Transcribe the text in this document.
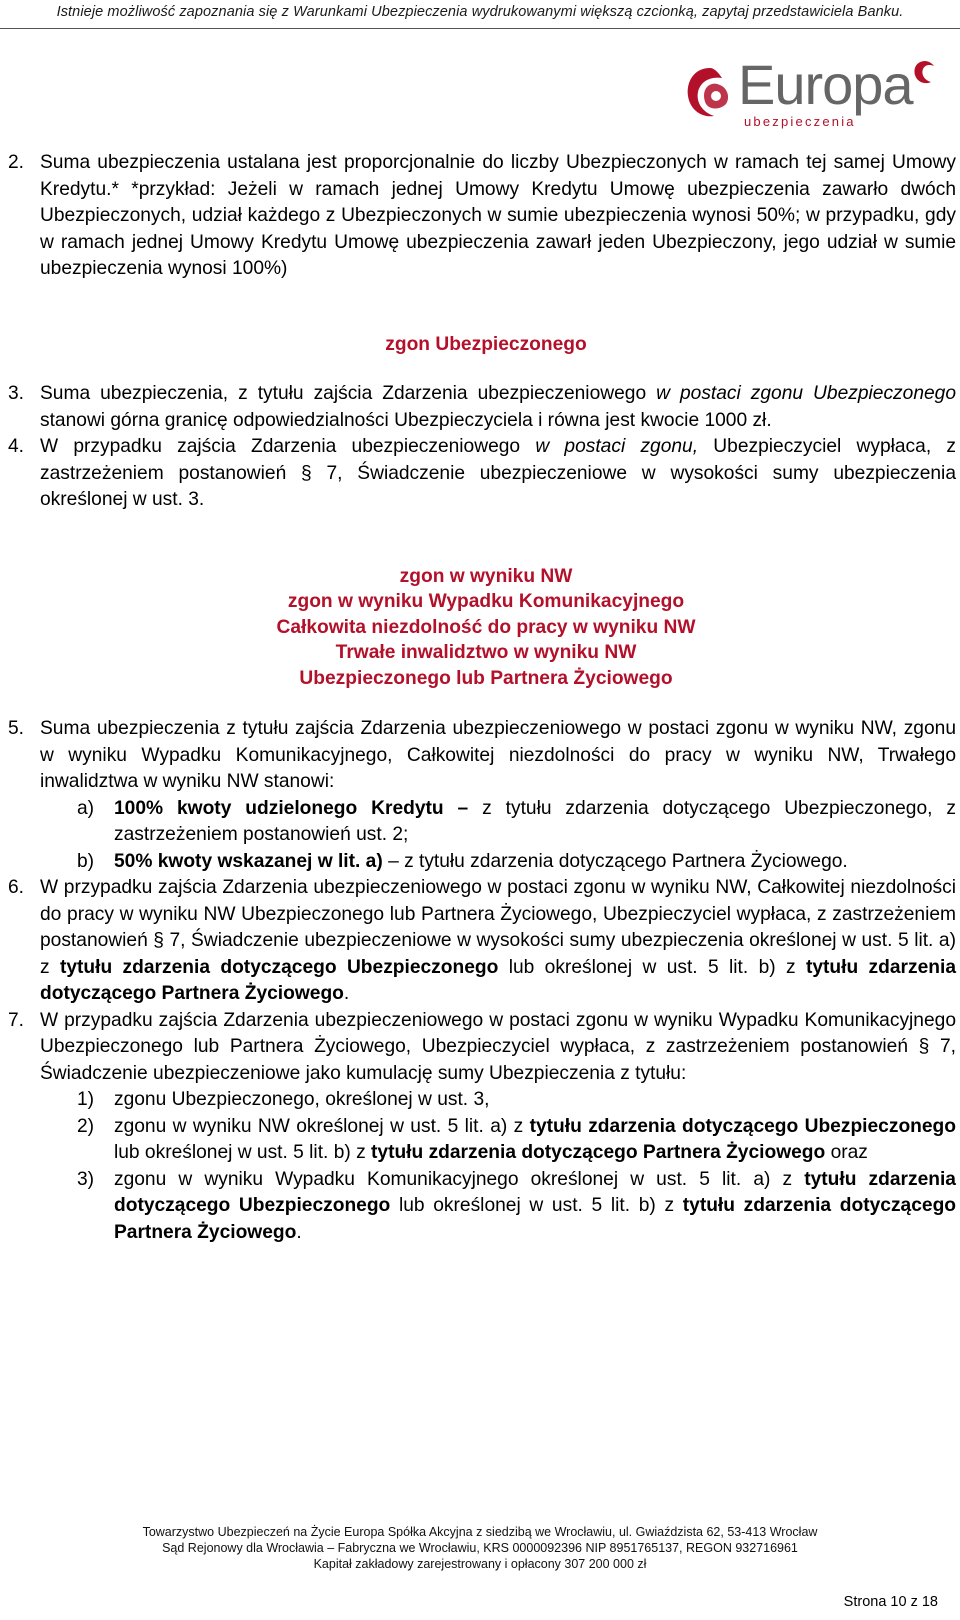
Istnieje możliwość zapoznania się z Warunkami Ubezpieczenia wydrukowanymi większą czcionką, zapytaj przedstawiciela Banku.
Europa
ubezpieczenia
2. Suma ubezpieczenia ustalana jest proporcjonalnie do liczby Ubezpieczonych w ramach tej samej Umowy Kredytu.* *przykład: Jeżeli w ramach jednej Umowy Kredytu Umowę ubezpieczenia zawarło dwóch Ubezpieczonych, udział każdego z Ubezpieczonych w sumie ubezpieczenia wynosi 50%; w przypadku, gdy w ramach jednej Umowy Kredytu Umowę ubezpieczenia zawarł jeden Ubezpieczony, jego udział w sumie ubezpieczenia wynosi 100%)
zgon Ubezpieczonego
3. Suma ubezpieczenia, z tytułu zajścia Zdarzenia ubezpieczeniowego w postaci zgonu Ubezpieczonego stanowi górna granicę odpowiedzialności Ubezpieczyciela i równa jest kwocie 1000 zł.
4. W przypadku zajścia Zdarzenia ubezpieczeniowego w postaci zgonu, Ubezpieczyciel wypłaca, z zastrzeżeniem postanowień § 7, Świadczenie ubezpieczeniowe w wysokości sumy ubezpieczenia określonej w ust. 3.
zgon w wyniku NW
zgon w wyniku Wypadku Komunikacyjnego
Całkowita niezdolność do pracy w wyniku NW
Trwałe inwalidztwo w wyniku NW
Ubezpieczonego lub Partnera Życiowego
5. Suma ubezpieczenia z tytułu zajścia Zdarzenia ubezpieczeniowego w postaci zgonu w wyniku NW, zgonu w wyniku Wypadku Komunikacyjnego, Całkowitej niezdolności do pracy w wyniku NW, Trwałego inwalidztwa w wyniku NW stanowi:
a) 100% kwoty udzielonego Kredytu – z tytułu zdarzenia dotyczącego Ubezpieczonego, z zastrzeżeniem postanowień ust. 2;
b) 50% kwoty wskazanej w lit. a) – z tytułu zdarzenia dotyczącego Partnera Życiowego.
6. W przypadku zajścia Zdarzenia ubezpieczeniowego w postaci zgonu w wyniku NW, Całkowitej niezdolności do pracy w wyniku NW Ubezpieczonego lub Partnera Życiowego, Ubezpieczyciel wypłaca, z zastrzeżeniem postanowień § 7, Świadczenie ubezpieczeniowe w wysokości sumy ubezpieczenia określonej w ust. 5 lit. a) z tytułu zdarzenia dotyczącego Ubezpieczonego lub określonej w ust. 5 lit. b) z tytułu zdarzenia dotyczącego Partnera Życiowego.
7. W przypadku zajścia Zdarzenia ubezpieczeniowego w postaci zgonu w wyniku Wypadku Komunikacyjnego Ubezpieczonego lub Partnera Życiowego, Ubezpieczyciel wypłaca, z zastrzeżeniem postanowień § 7, Świadczenie ubezpieczeniowe jako kumulację sumy Ubezpieczenia z tytułu:
1) zgonu Ubezpieczonego, określonej w ust. 3,
2) zgonu w wyniku NW określonej w ust. 5 lit. a) z tytułu zdarzenia dotyczącego Ubezpieczonego lub określonej w ust. 5 lit. b) z tytułu zdarzenia dotyczącego Partnera Życiowego oraz
3) zgonu w wyniku Wypadku Komunikacyjnego określonej w ust. 5 lit. a) z tytułu zdarzenia dotyczącego Ubezpieczonego lub określonej w ust. 5 lit. b) z tytułu zdarzenia dotyczącego Partnera Życiowego.
Towarzystwo Ubezpieczeń na Życie Europa Spółka Akcyjna z siedzibą we Wrocławiu, ul. Gwiaździsta 62, 53-413 Wrocław
Sąd Rejonowy dla Wrocławia – Fabryczna we Wrocławiu, KRS 0000092396 NIP 8951765137, REGON 932716961
Kapitał zakładowy zarejestrowany i opłacony 307 200 000 zł
Strona 10 z 18
